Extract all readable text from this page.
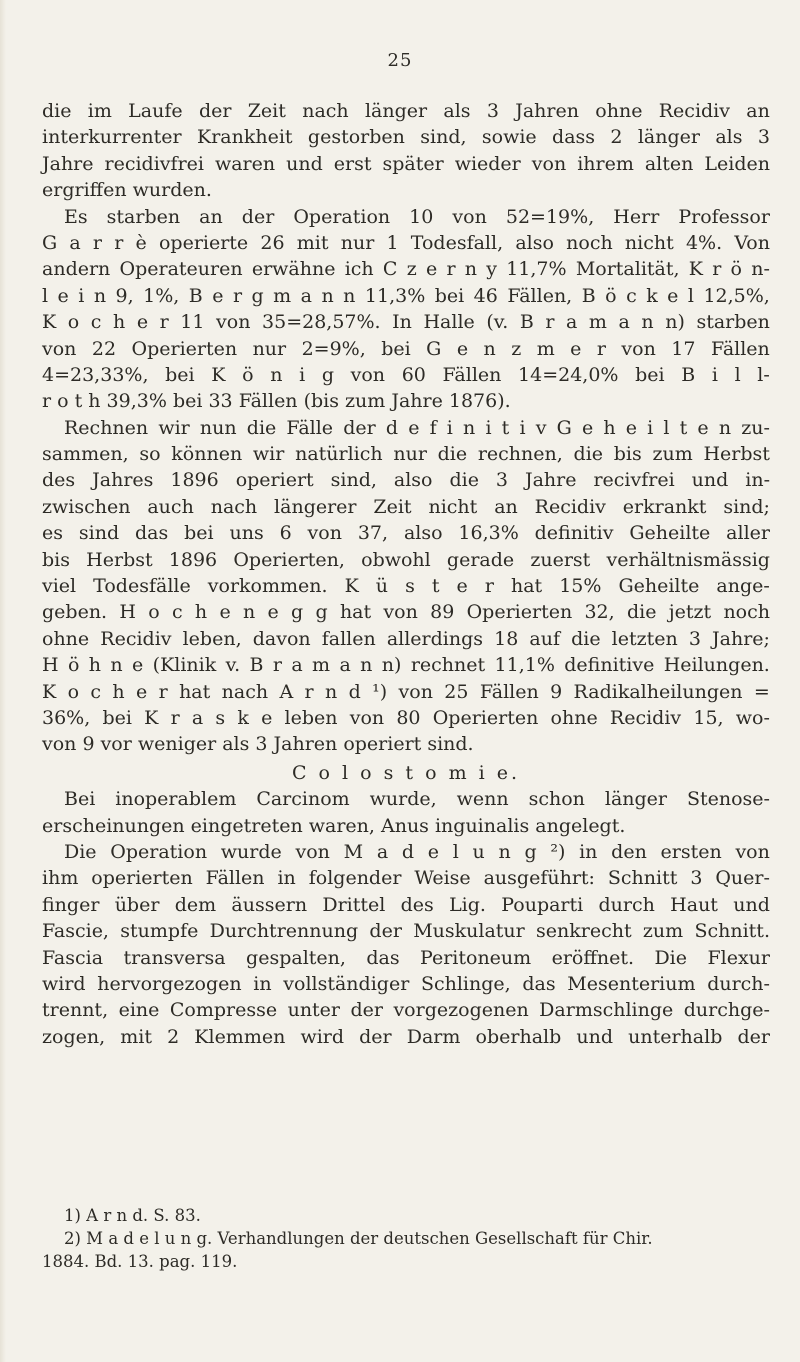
25
die im Laufe der Zeit nach länger als 3 Jahren ohne Recidiv an
interkurrenter Krankheit gestorben sind, sowie dass 2 länger als 3
Jahre recidivfrei waren und erst später wieder von ihrem alten Leiden
ergriffen wurden.
Es starben an der Operation 10 von 52=19%, Herr Professor
G a r r è operierte 26 mit nur 1 Todesfall, also noch nicht 4%. Von
andern Operateuren erwähne ich C z e r n y 11,7% Mortalität, K r ö n-
l e i n 9, 1%, B e r g m a n n 11,3% bei 46 Fällen, B ö c k e l 12,5%,
K o c h e r 11 von 35=28,57%. In Halle (v. B r a m a n n) starben
von 22 Operierten nur 2=9%, bei G e n z m e r von 17 Fällen
4=23,33%, bei K ö n i g von 60 Fällen 14=24,0% bei B i l l-
r o t h 39,3% bei 33 Fällen (bis zum Jahre 1876).
Rechnen wir nun die Fälle der d e f i n i t i v G e h e i l t e n zu-
sammen, so können wir natürlich nur die rechnen, die bis zum Herbst
des Jahres 1896 operiert sind, also die 3 Jahre recivfrei und in-
zwischen auch nach längerer Zeit nicht an Recidiv erkrankt sind;
es sind das bei uns 6 von 37, also 16,3% definitiv Geheilte aller
bis Herbst 1896 Operierten, obwohl gerade zuerst verhältnismässig
viel Todesfälle vorkommen. K ü s t e r hat 15% Geheilte ange-
geben. H o c h e n e g g hat von 89 Operierten 32, die jetzt noch
ohne Recidiv leben, davon fallen allerdings 18 auf die letzten 3 Jahre;
H ö h n e (Klinik v. B r a m a n n) rechnet 11,1% definitive Heilungen.
K o c h e r hat nach A r n d ¹) von 25 Fällen 9 Radikalheilungen =
36%, bei K r a s k e leben von 80 Operierten ohne Recidiv 15, wo-
von 9 vor weniger als 3 Jahren operiert sind.
C o l o s t o m i e.
Bei inoperablem Carcinom wurde, wenn schon länger Stenose-
erscheinungen eingetreten waren, Anus inguinalis angelegt.
Die Operation wurde von M a d e l u n g ²) in den ersten von
ihm operierten Fällen in folgender Weise ausgeführt: Schnitt 3 Quer-
finger über dem äussern Drittel des Lig. Pouparti durch Haut und
Fascie, stumpfe Durchtrennung der Muskulatur senkrecht zum Schnitt.
Fascia transversa gespalten, das Peritoneum eröffnet. Die Flexur
wird hervorgezogen in vollständiger Schlinge, das Mesenterium durch-
trennt, eine Compresse unter der vorgezogenen Darmschlinge durchge-
zogen, mit 2 Klemmen wird der Darm oberhalb und unterhalb der
1) A r n d. S. 83.
2) M a d e l u n g. Verhandlungen der deutschen Gesellschaft für Chir.
1884. Bd. 13. pag. 119.
